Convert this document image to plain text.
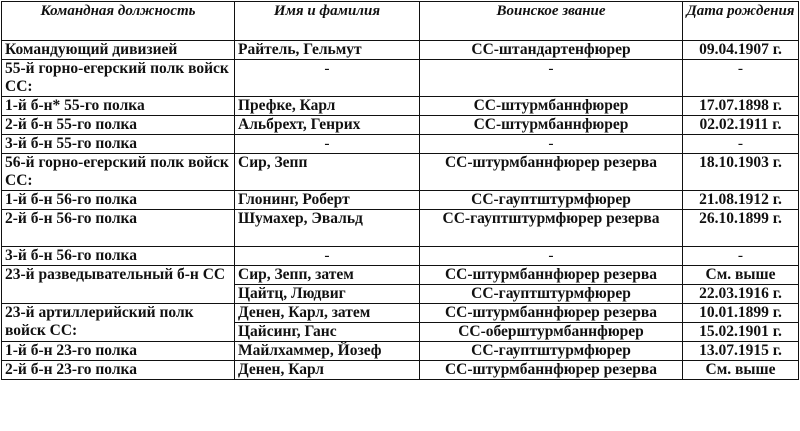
Командная должность	Имя и фамилия	Воинское звание	Дата рождения
Командующий дивизией	Райтель, Гельмут	СС-штандартенфюрер	09.04.1907 г.
55-й горно-егерский полк войск СС:	-	-	-
1-й б-н* 55-го полка	Префке, Карл	СС-штурмбаннфюрер	17.07.1898 г.
2-й б-н 55-го полка	Альбрехт, Генрих	СС-штурмбаннфюрер	02.02.1911 г.
3-й б-н 55-го полка	-	-	-
56-й горно-егерский полк войск СС:	Сир, Зепп	СС-штурмбаннфюрер резерва	18.10.1903 г.
1-й б-н 56-го полка	Глонинг, Роберт	СС-гауптштурмфюрер	21.08.1912 г.
2-й б-н 56-го полка	Шумахер, Эвальд	СС-гауптштурмфюрер резерва	26.10.1899 г.
3-й б-н 56-го полка	-	-	-
23-й разведывательный б-н СС	Сир, Зепп, затем	СС-штурмбаннфюрер резерва	См. выше
	Цайтц, Людвиг	СС-гауптштурмфюрер	22.03.1916 г.
23-й артиллерийский полк войск СС:	Денен, Карл, затем	СС-штурмбаннфюрер резерва	10.01.1899 г.
	Цайсинг, Ганс	СС-оберштурмбаннфюрер	15.02.1901 г.
1-й б-н 23-го полка	Майлхаммер, Йозеф	СС-гауптштурмфюрер	13.07.1915 г.
2-й б-н 23-го полка	Денен, Карл	СС-штурмбаннфюрер резерва	См. выше
